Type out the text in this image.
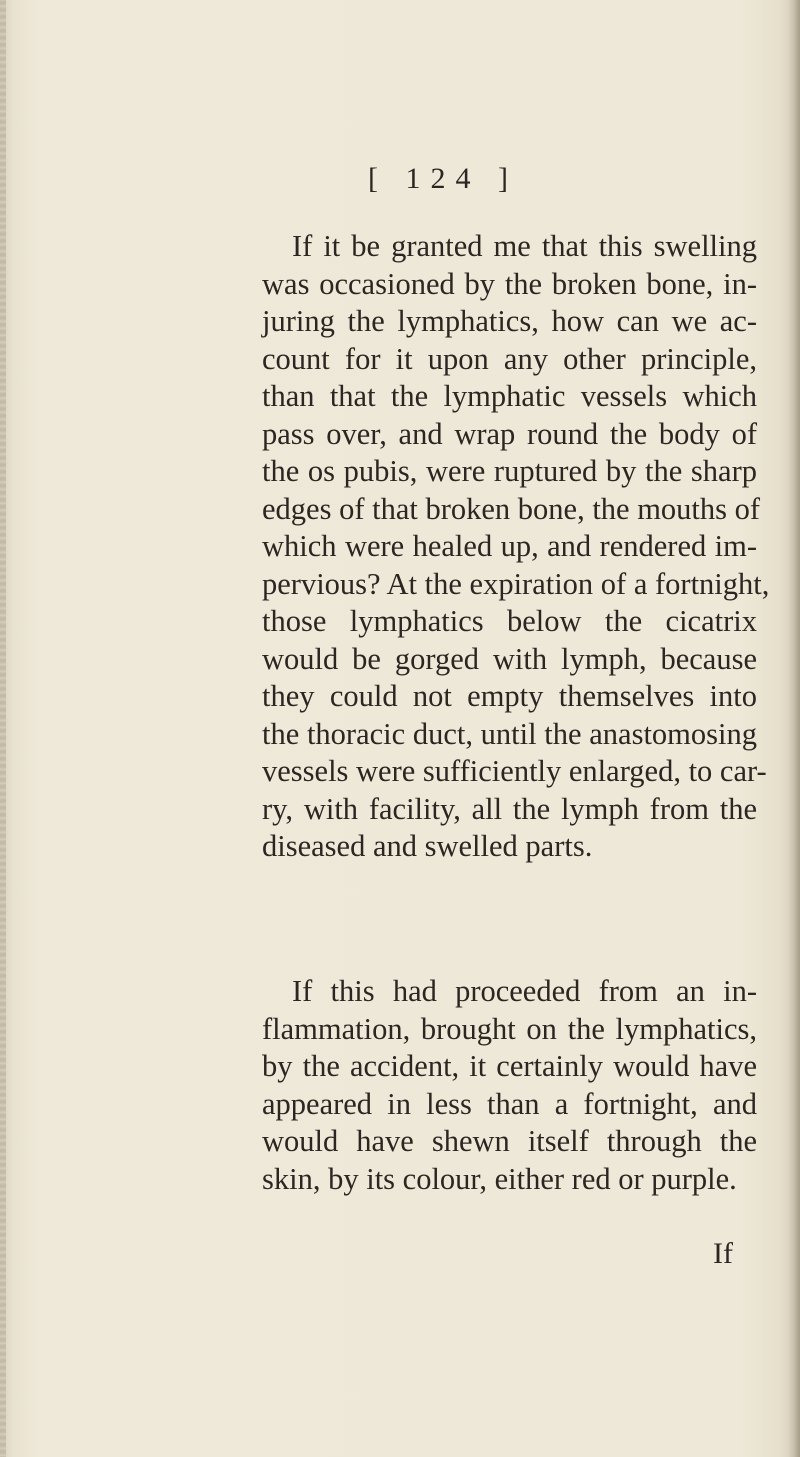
[ 124 ]
If it be granted me that this swelling
was occasioned by the broken bone, in-
juring the lymphatics, how can we ac-
count for it upon any other principle,
than that the lymphatic vessels which
pass over, and wrap round the body of
the os pubis, were ruptured by the sharp
edges of that broken bone, the mouths of
which were healed up, and rendered im-
pervious? At the expiration of a fortnight,
those lymphatics below the cicatrix
would be gorged with lymph, because
they could not empty themselves into
the thoracic duct, until the anastomosing
vessels were sufficiently enlarged, to car-
ry, with facility, all the lymph from the
diseased and swelled parts.
If this had proceeded from an in-
flammation, brought on the lymphatics,
by the accident, it certainly would have
appeared in less than a fortnight, and
would have shewn itself through the
skin, by its colour, either red or purple.
If
